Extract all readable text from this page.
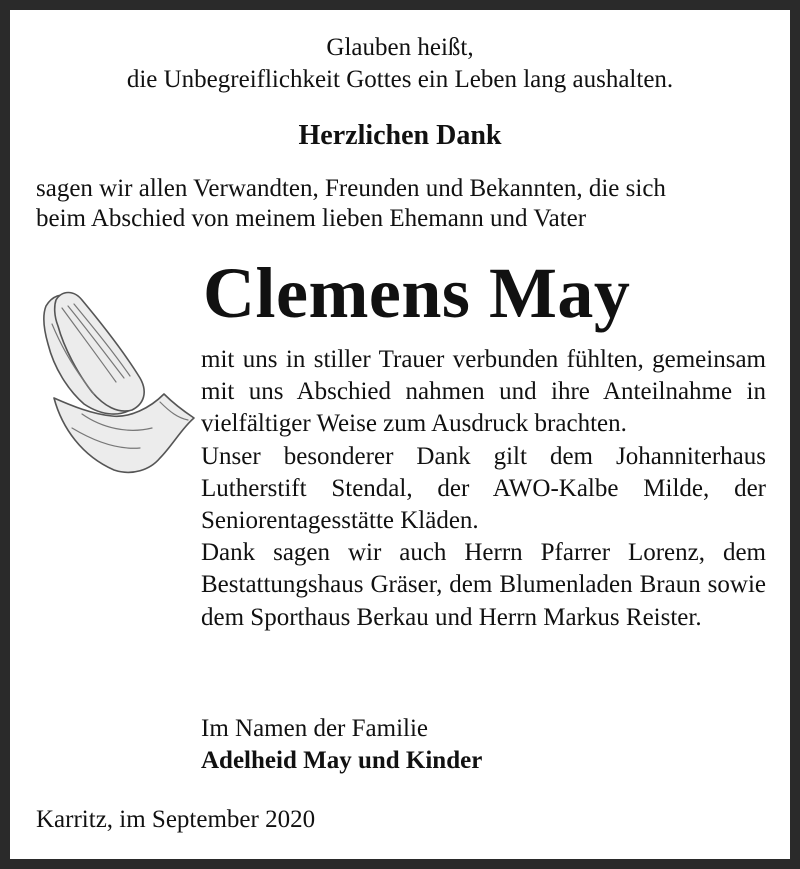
Glauben heißt,
die Unbegreiflichkeit Gottes ein Leben lang aushalten.
Herzlichen Dank
sagen wir allen Verwandten, Freunden und Bekannten, die sich
beim Abschied von meinem lieben Ehemann und Vater
Clemens May

mit uns in stiller Trauer verbunden fühlten, gemeinsam mit uns Abschied nahmen und ihre Anteilnahme in vielfältiger Weise zum Ausdruck brachten.

Unser besonderer Dank gilt dem Johanniterhaus Lutherstift Stendal, der AWO-Kalbe Milde, der Seniorentagesstätte Kläden.

Dank sagen wir auch Herrn Pfarrer Lorenz, dem Bestattungshaus Gräser, dem Blumenladen Braun sowie dem Sporthaus Berkau und Herrn Markus Reister.

Im Namen der Familie
Adelheid May und Kinder
Karritz, im September 2020
